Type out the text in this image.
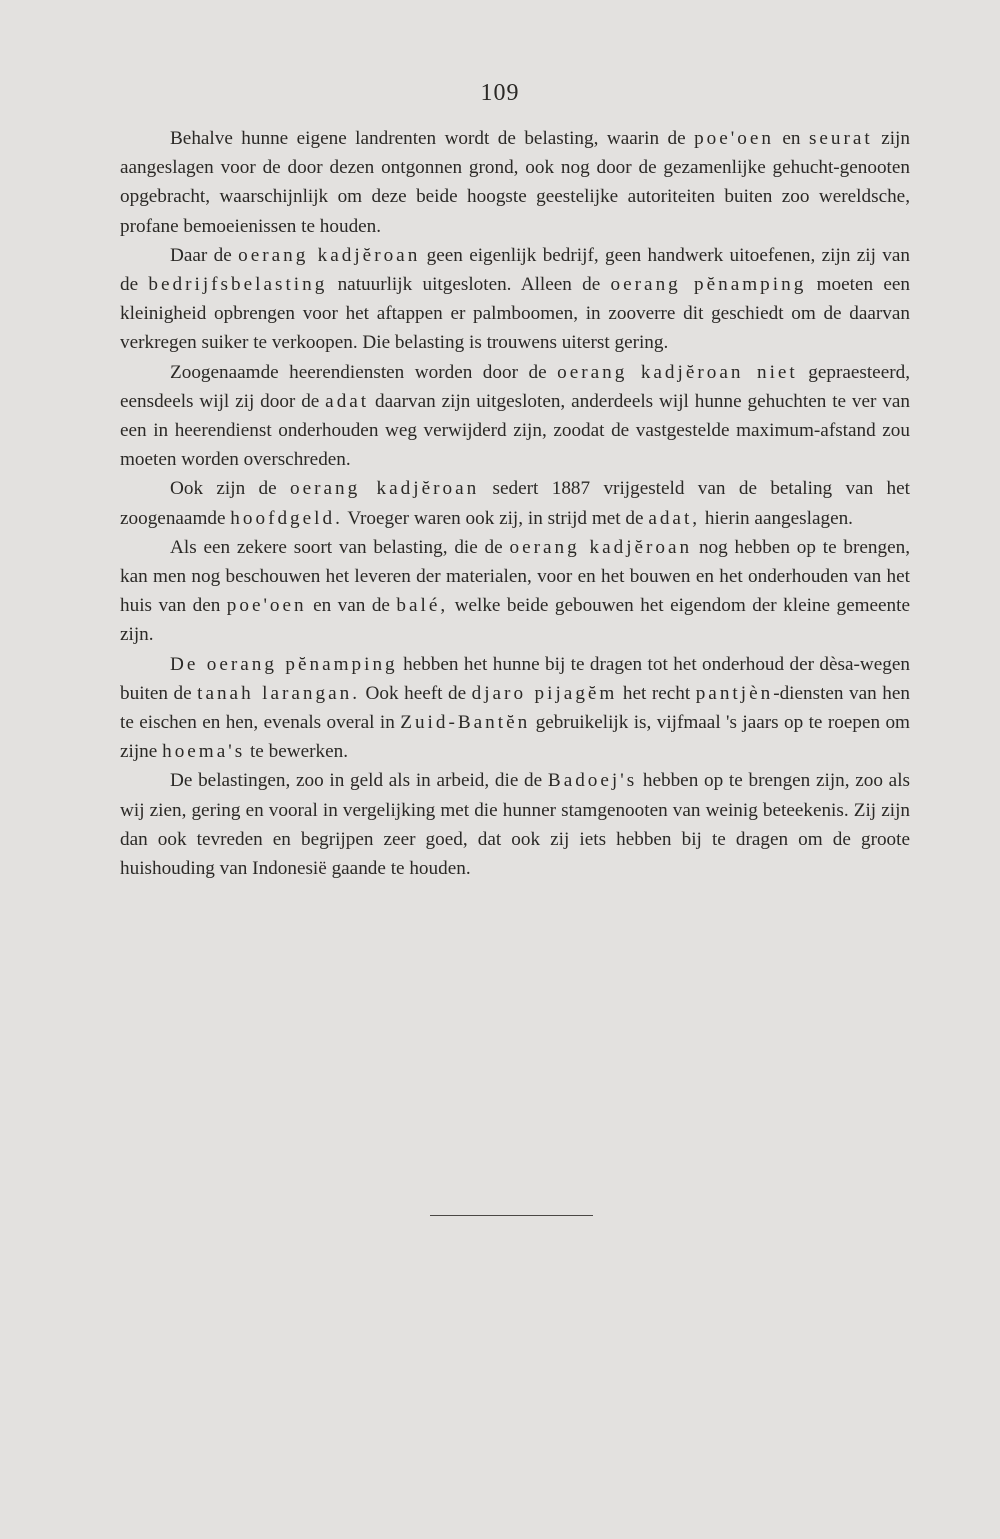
109

Behalve hunne eigene landrenten wordt de belasting, waarin de poe'oen en seurat zijn aangeslagen voor de door dezen ontgonnen grond, ook nog door de gezamenlijke gehucht-genooten opgebracht, waarschijnlijk om deze beide hoogste geestelijke autoriteiten buiten zoo wereldsche, profane bemoeienissen te houden.

Daar de oerang kadjĕroan geen eigenlijk bedrijf, geen handwerk uitoefenen, zijn zij van de bedrijfsbelasting natuurlijk uitgesloten. Alleen de oerang pĕnamping moeten een kleinigheid opbrengen voor het aftappen er palmboomen, in zooverre dit geschiedt om de daarvan verkregen suiker te verkoopen. Die belasting is trouwens uiterst gering.

Zoogenaamde heerendiensten worden door de oerang kadjĕroan niet gepraesteerd, eensdeels wijl zij door de adat daarvan zijn uitgesloten, anderdeels wijl hunne gehuchten te ver van een in heerendienst onderhouden weg verwijderd zijn, zoodat de vastgestelde maximum-afstand zou moeten worden overschreden.

Ook zijn de oerang kadjĕroan sedert 1887 vrijgesteld van de betaling van het zoogenaamde hoofdgeld. Vroeger waren ook zij, in strijd met de adat, hierin aangeslagen.

Als een zekere soort van belasting, die de oerang kadjĕroan nog hebben op te brengen, kan men nog beschouwen het leveren der materialen, voor en het bouwen en het onderhouden van het huis van den poe'oen en van de balé, welke beide gebouwen het eigendom der kleine gemeente zijn.

De oerang pĕnamping hebben het hunne bij te dragen tot het onderhoud der dèsa-wegen buiten de tanah larangan. Ook heeft de djaro pijagĕm het recht pantjèn-diensten van hen te eischen en hen, evenals overal in Zuid-Bantĕn gebruikelijk is, vijfmaal 's jaars op te roepen om zijne hoema's te bewerken.

De belastingen, zoo in geld als in arbeid, die de Badoej's hebben op te brengen zijn, zoo als wij zien, gering en vooral in vergelijking met die hunner stamgenooten van weinig beteekenis. Zij zijn dan ook tevreden en begrijpen zeer goed, dat ook zij iets hebben bij te dragen om de groote huishouding van Indonesië gaande te houden.
